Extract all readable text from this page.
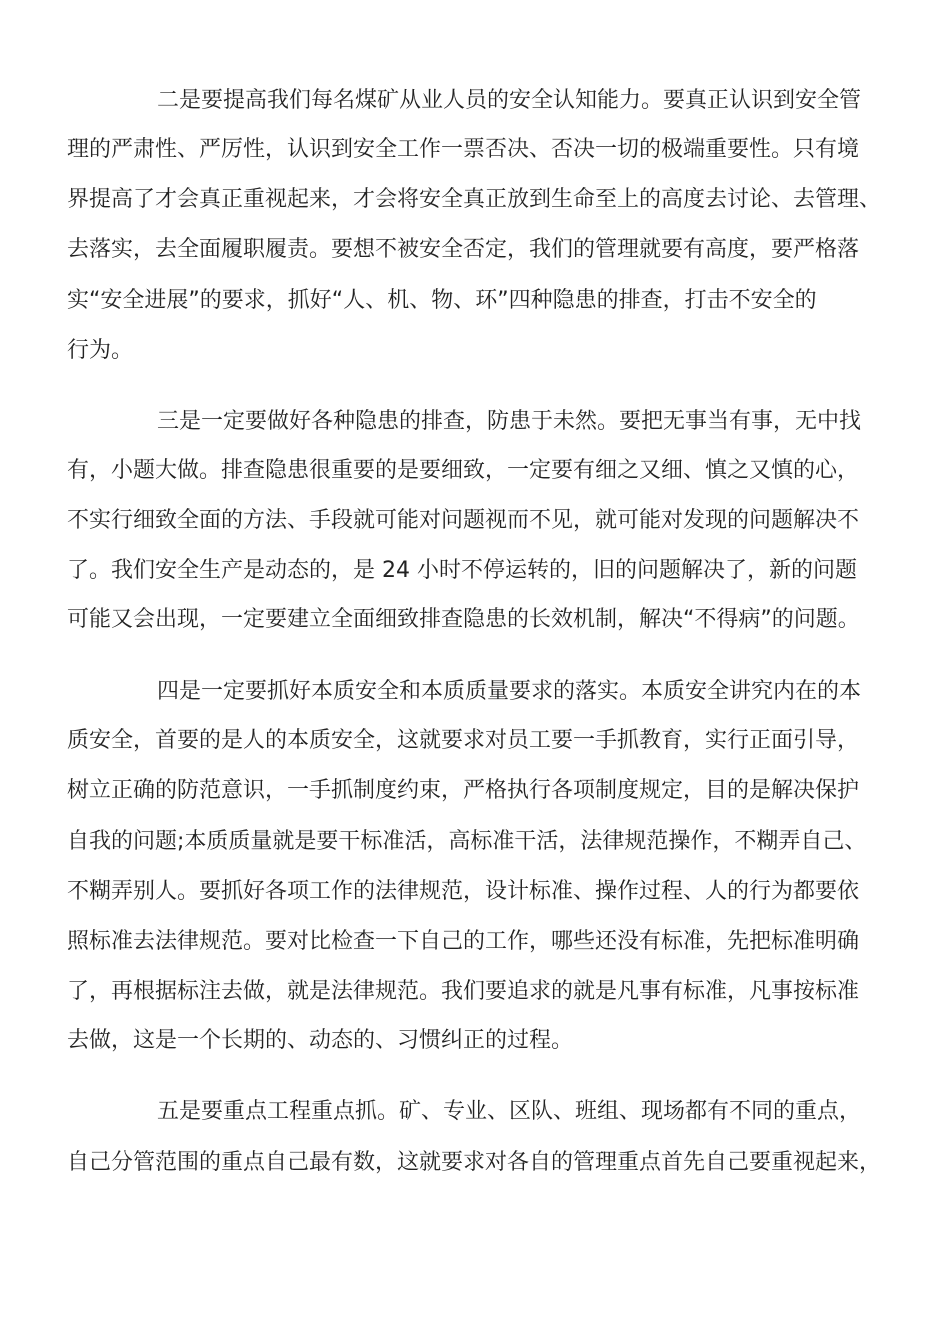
二是要提高我们每名煤矿从业人员的安全认知能力。要真正认识到安全管
理的严肃性、严厉性，认识到安全工作一票否决、否决一切的极端重要性。只有境
界提高了才会真正重视起来，才会将安全真正放到生命至上的高度去讨论、去管理、
去落实，去全面履职履责。要想不被安全否定，我们的管理就要有高度，要严格落
实“安全进展”的要求，抓好“人、机、物、环”四种隐患的排查，打击不安全的
行为。
三是一定要做好各种隐患的排查，防患于未然。要把无事当有事，无中找
有，小题大做。排查隐患很重要的是要细致，一定要有细之又细、慎之又慎的心，
不实行细致全面的方法、手段就可能对问题视而不见，就可能对发现的问题解决不
了。我们安全生产是动态的，是 24 小时不停运转的，旧的问题解决了，新的问题
可能又会出现，一定要建立全面细致排查隐患的长效机制，解决“不得病”的问题。
四是一定要抓好本质安全和本质质量要求的落实。本质安全讲究内在的本
质安全，首要的是人的本质安全，这就要求对员工要一手抓教育，实行正面引导，
树立正确的防范意识，一手抓制度约束，严格执行各项制度规定，目的是解决保护
自我的问题;本质质量就是要干标准活，高标准干活，法律规范操作，不糊弄自己、
不糊弄别人。要抓好各项工作的法律规范，设计标准、操作过程、人的行为都要依
照标准去法律规范。要对比检查一下自己的工作，哪些还没有标准，先把标准明确
了，再根据标注去做，就是法律规范。我们要追求的就是凡事有标准，凡事按标准
去做，这是一个长期的、动态的、习惯纠正的过程。
五是要重点工程重点抓。矿、专业、区队、班组、现场都有不同的重点，
自己分管范围的重点自己最有数，这就要求对各自的管理重点首先自己要重视起来，
